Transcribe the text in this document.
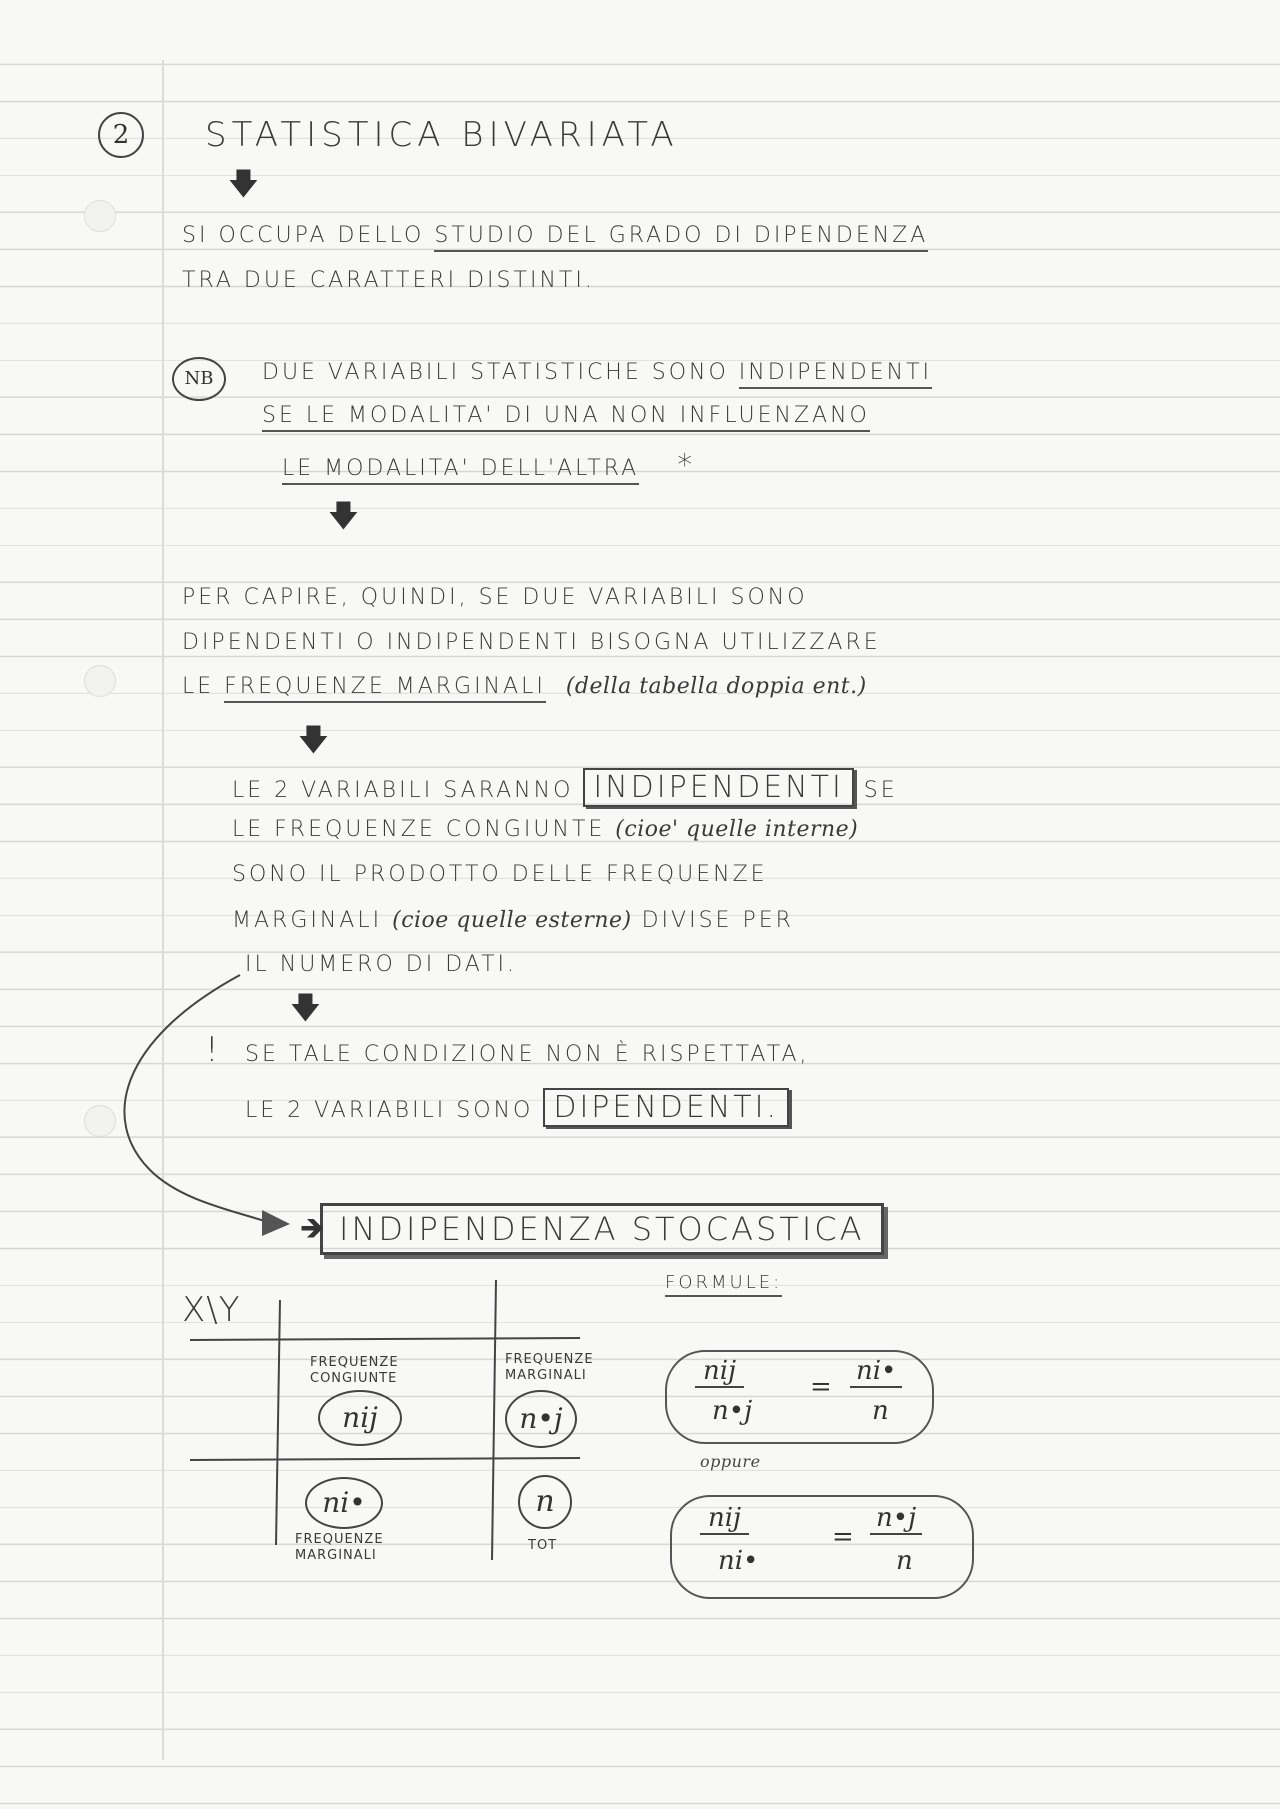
2	STATISTICA BIVARIATA
🡇
SI OCCUPA DELLO STUDIO DEL GRADO DI DIPENDENZA
TRA DUE CARATTERI DISTINTI.
NB	DUE VARIABILI STATISTICHE SONO INDIPENDENTI
SE LE MODALITA' DI UNA NON INFLUENZANO
LE MODALITA' DELL'ALTRA *
🡇
PER CAPIRE, QUINDI, SE DUE VARIABILI SONO
DIPENDENTI O INDIPENDENTI BISOGNA UTILIZZARE
LE FREQUENZE MARGINALI (della tabella doppia ent.)
🡇
LE 2 VARIABILI SARANNO INDIPENDENTI SE
LE FREQUENZE CONGIUNTE (cioe' quelle interne)
SONO IL PRODOTTO DELLE FREQUENZE
MARGINALI (cioe quelle esterne) DIVISE PER
IL NUMERO DI DATI.
🡇
! SE TALE CONDIZIONE NON È RISPETTATA,
LE 2 VARIABILI SONO DIPENDENTI.
INDIPENDENZA STOCASTICA
🡺
FORMULE:
X\Y
FREQUENZE CONGIUNTE
nij
FREQUENZE MARGINALI
n•j
ni•
FREQUENZE MARGINALI
n
TOT
nij
n•j
=
ni•
n
oppure
nij
ni•
=
n•j
n
